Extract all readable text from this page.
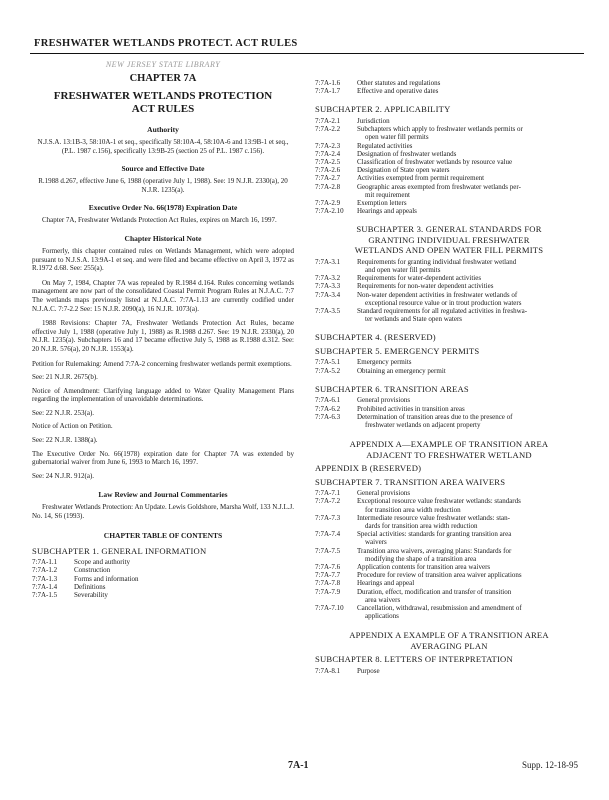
FRESHWATER WETLANDS PROTECT. ACT RULES
NEW JERSEY STATE LIBRARY
CHAPTER 7A
FRESHWATER WETLANDS PROTECTION
ACT RULES
Authority

N.J.S.A. 13:1B-3, 58:10A-1 et seq., specifically 58:10A-4, 58:10A-6 and 13:9B-1 et seq., (P.L. 1987 c.156), specifically 13:9B-25 (section 25 of P.L. 1987 c.156).

Source and Effective Date

R.1988 d.267, effective June 6, 1988 (operative July 1, 1988). See: 19 N.J.R. 2330(a), 20 N.J.R. 1235(a).

Executive Order No. 66(1978) Expiration Date

Chapter 7A, Freshwater Wetlands Protection Act Rules, expires on March 16, 1997.

Chapter Historical Note

Formerly, this chapter contained rules on Wetlands Management, which were adopted pursuant to N.J.S.A. 13:9A-1 et seq. and were filed and became effective on April 3, 1972 as R.1972 d.68. See: 255(a).

On May 7, 1984, Chapter 7A was repealed by R.1984 d.164. Rules concerning wetlands management are now part of the consolidated Coastal Permit Program Rules at N.J.A.C. 7:7 The wetlands maps previously listed at N.J.A.C. 7:7A-1.13 are currently codified under N.J.A.C. 7:7-2.2 See: 15 N.J.R. 2090(a), 16 N.J.R. 1073(a).

1988 Revisions: Chapter 7A, Freshwater Wetlands Protection Act Rules, became effective July 1, 1988 (operative July 1, 1988) as R.1988 d.267. See: 19 N.J.R. 2330(a), 20 N.J.R. 1235(a). Subchapters 16 and 17 became effective July 5, 1988 as R.1988 d.312. See: 20 N.J.R. 576(a), 20 N.J.R. 1553(a).

Petition for Rulemaking: Amend 7:7A-2 concerning freshwater wetlands permit exemptions.

See: 21 N.J.R. 2675(b).

Notice of Amendment: Clarifying language added to Water Quality Management Plans regarding the implementation of unavoidable determinations.

See: 22 N.J.R. 253(a).

Notice of Action on Petition.

See: 22 N.J.R. 1388(a).

The Executive Order No. 66(1978) expiration date for Chapter 7A was extended by gubernatorial waiver from June 6, 1993 to March 16, 1997.

See: 24 N.J.R. 912(a).

Law Review and Journal Commentaries

Freshwater Wetlands Protection: An Update. Lewis Goldshore, Marsha Wolf, 133 N.J.L.J. No. 14, S6 (1993).

CHAPTER TABLE OF CONTENTS
SUBCHAPTER 1. GENERAL INFORMATION
7:7A-1.1	Scope and authority
7:7A-1.2	Construction
7:7A-1.3	Forms and information
7:7A-1.4	Definitions
7:7A-1.5	Severability
7:7A-1.6	Other statutes and regulations
7:7A-1.7	Effective and operative dates
SUBCHAPTER 2. APPLICABILITY
7:7A-2.1	Jurisdiction
7:7A-2.2	Subchapters which apply to freshwater wetlands permits or
open water fill permits

7:7A-2.3	Regulated activities
7:7A-2.4	Designation of freshwater wetlands
7:7A-2.5	Classification of freshwater wetlands by resource value
7:7A-2.6	Designation of State open waters
7:7A-2.7	Activities exempted from permit requirement
7:7A-2.8	Geographic areas exempted from freshwater wetlands per-
mit requirement

7:7A-2.9	Exemption letters
7:7A-2.10	Hearings and appeals
SUBCHAPTER 3. GENERAL STANDARDS FOR
GRANTING INDIVIDUAL FRESHWATER
WETLANDS AND OPEN WATER FILL PERMITS
7:7A-3.1	Requirements for granting individual freshwater wetland
and open water fill permits

7:7A-3.2	Requirements for water-dependent activities
7:7A-3.3	Requirements for non-water dependent activities
7:7A-3.4	Non-water dependent activities in freshwater wetlands of
exceptional resource value or in trout production waters

7:7A-3.5	Standard requirements for all regulated activities in freshwa-
ter wetlands and State open waters
SUBCHAPTER 4. (RESERVED)
SUBCHAPTER 5. EMERGENCY PERMITS
7:7A-5.1	Emergency permits
7:7A-5.2	Obtaining an emergency permit
SUBCHAPTER 6. TRANSITION AREAS
7:7A-6.1	General provisions
7:7A-6.2	Prohibited activities in transition areas
7:7A-6.3	Determination of transition areas due to the presence of
freshwater wetlands on adjacent property
APPENDIX A—EXAMPLE OF TRANSITION AREA
ADJACENT TO FRESHWATER WETLAND
APPENDIX B (RESERVED)
SUBCHAPTER 7. TRANSITION AREA WAIVERS
7:7A-7.1	General provisions
7:7A-7.2	Exceptional resource value freshwater wetlands: standards
for transition area width reduction

7:7A-7.3	Intermediate resource value freshwater wetlands: stan-
dards for transition area width reduction

7:7A-7.4	Special activities: standards for granting transition area
waivers

7:7A-7.5	Transition area waivers, averaging plans: Standards for
modifying the shape of a transition area

7:7A-7.6	Application contents for transition area waivers
7:7A-7.7	Procedure for review of transition area waiver applications
7:7A-7.8	Hearings and appeal
7:7A-7.9	Duration, effect, modification and transfer of transition
area waivers

7:7A-7.10	Cancellation, withdrawal, resubmission and amendment of
applications
APPENDIX A EXAMPLE OF A TRANSITION AREA
AVERAGING PLAN
SUBCHAPTER 8. LETTERS OF INTERPRETATION
7:7A-8.1	Purpose
7A-1	Supp. 12-18-95
